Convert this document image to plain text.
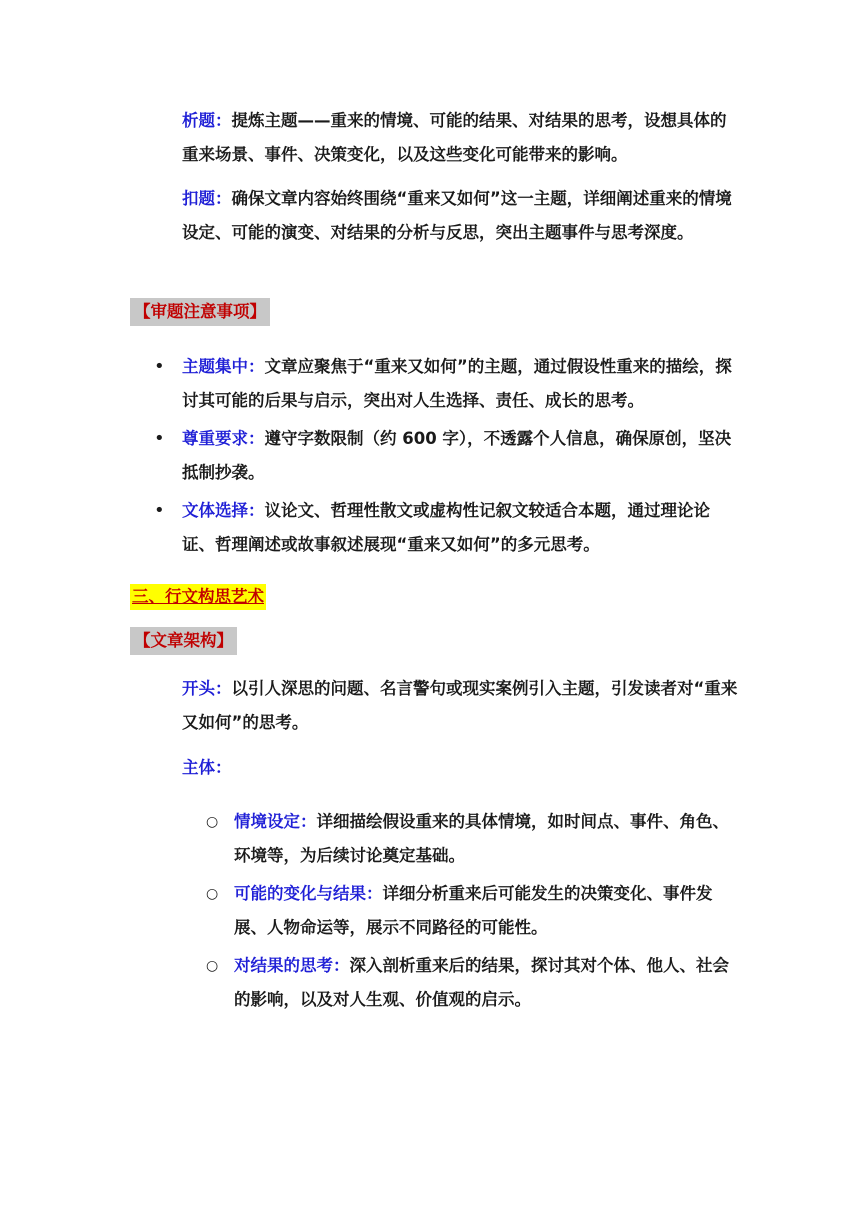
析题：提炼主题——重来的情境、可能的结果、对结果的思考，设想具体的重来场景、事件、决策变化，以及这些变化可能带来的影响。

扣题：确保文章内容始终围绕“重来又如何”这一主题，详细阐述重来的情境设定、可能的演变、对结果的分析与反思，突出主题事件与思考深度。

【审题注意事项】
• 主题集中：文章应聚焦于“重来又如何”的主题，通过假设性重来的描绘，探讨其可能的后果与启示，突出对人生选择、责任、成长的思考。
• 尊重要求：遵守字数限制（约 600 字），不透露个人信息，确保原创，坚决抵制抄袭。
• 文体选择：议论文、哲理性散文或虚构性记叙文较适合本题，通过理论论证、哲理阐述或故事叙述展现“重来又如何”的多元思考。
三、行文构思艺术
【文章架构】

开头：以引人深思的问题、名言警句或现实案例引入主题，引发读者对“重来又如何”的思考。

主体：

○ 情境设定：详细描绘假设重来的具体情境，如时间点、事件、角色、环境等，为后续讨论奠定基础。
○ 可能的变化与结果：详细分析重来后可能发生的决策变化、事件发展、人物命运等，展示不同路径的可能性。
○ 对结果的思考：深入剖析重来后的结果，探讨其对个体、他人、社会的影响，以及对人生观、价值观的启示。
